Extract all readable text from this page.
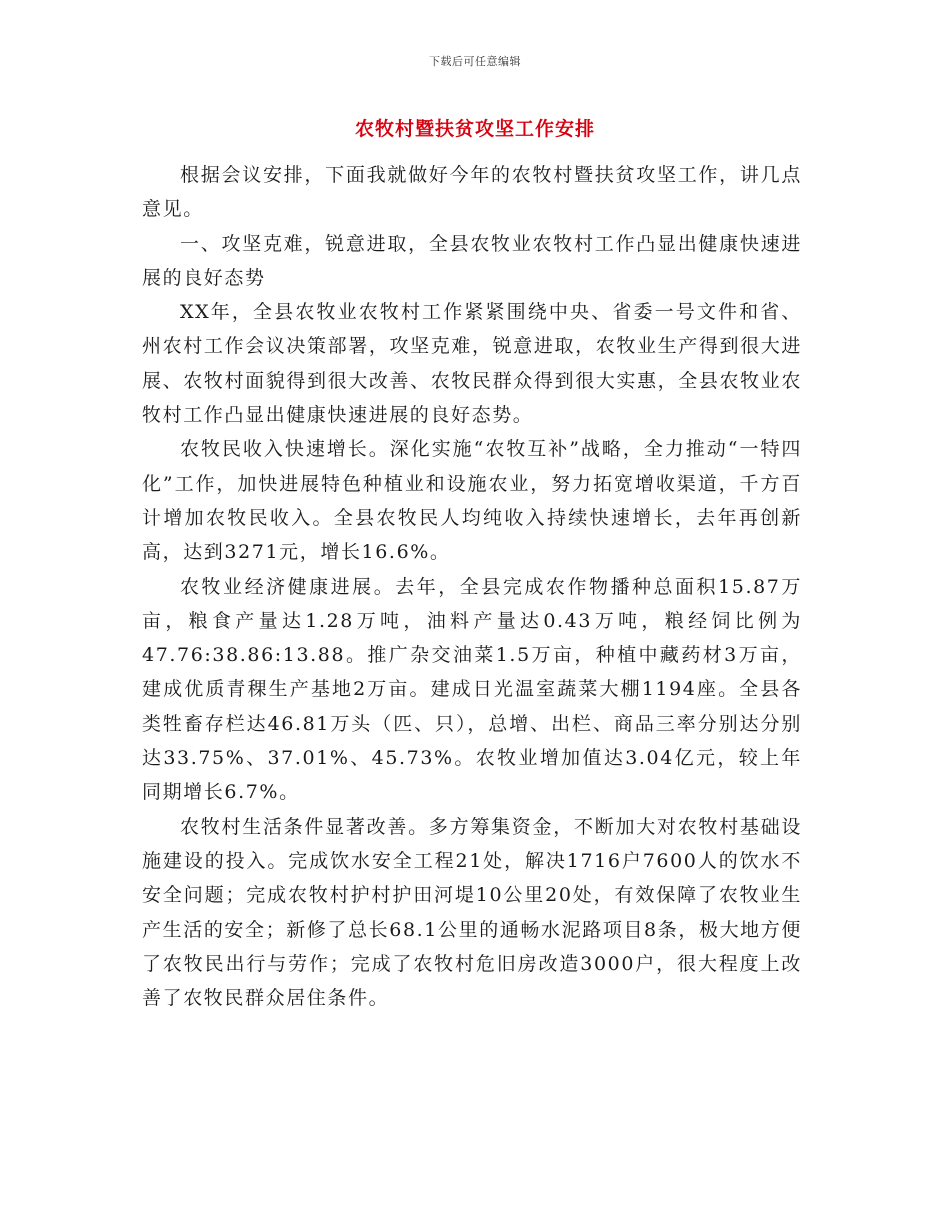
下载后可任意编辑
农牧村暨扶贫攻坚工作安排

根据会议安排，下面我就做好今年的农牧村暨扶贫攻坚工作，讲几点意见。

一、攻坚克难，锐意进取，全县农牧业农牧村工作凸显出健康快速进展的良好态势

XX年，全县农牧业农牧村工作紧紧围绕中央、省委一号文件和省、州农村工作会议决策部署，攻坚克难，锐意进取，农牧业生产得到很大进展、农牧村面貌得到很大改善、农牧民群众得到很大实惠，全县农牧业农牧村工作凸显出健康快速进展的良好态势。

农牧民收入快速增长。深化实施“农牧互补”战略，全力推动“一特四化”工作，加快进展特色种植业和设施农业，努力拓宽增收渠道，千方百计增加农牧民收入。全县农牧民人均纯收入持续快速增长，去年再创新高，达到3271元，增长16.6%。

农牧业经济健康进展。去年，全县完成农作物播种总面积15.87万亩，粮食产量达1.28万吨，油料产量达0.43万吨，粮经饲比例为47.76:38.86:13.88。推广杂交油菜1.5万亩，种植中藏药材3万亩，建成优质青稞生产基地2万亩。建成日光温室蔬菜大棚1194座。全县各类牲畜存栏达46.81万头（匹、只），总增、出栏、商品三率分别达分别达33.75%、37.01%、45.73%。农牧业增加值达3.04亿元，较上年同期增长6.7%。

农牧村生活条件显著改善。多方筹集资金，不断加大对农牧村基础设施建设的投入。完成饮水安全工程21处，解决1716户7600人的饮水不安全问题；完成农牧村护村护田河堤10公里20处，有效保障了农牧业生产生活的安全；新修了总长68.1公里的通畅水泥路项目8条，极大地方便了农牧民出行与劳作；完成了农牧村危旧房改造3000户，很大程度上改善了农牧民群众居住条件。
